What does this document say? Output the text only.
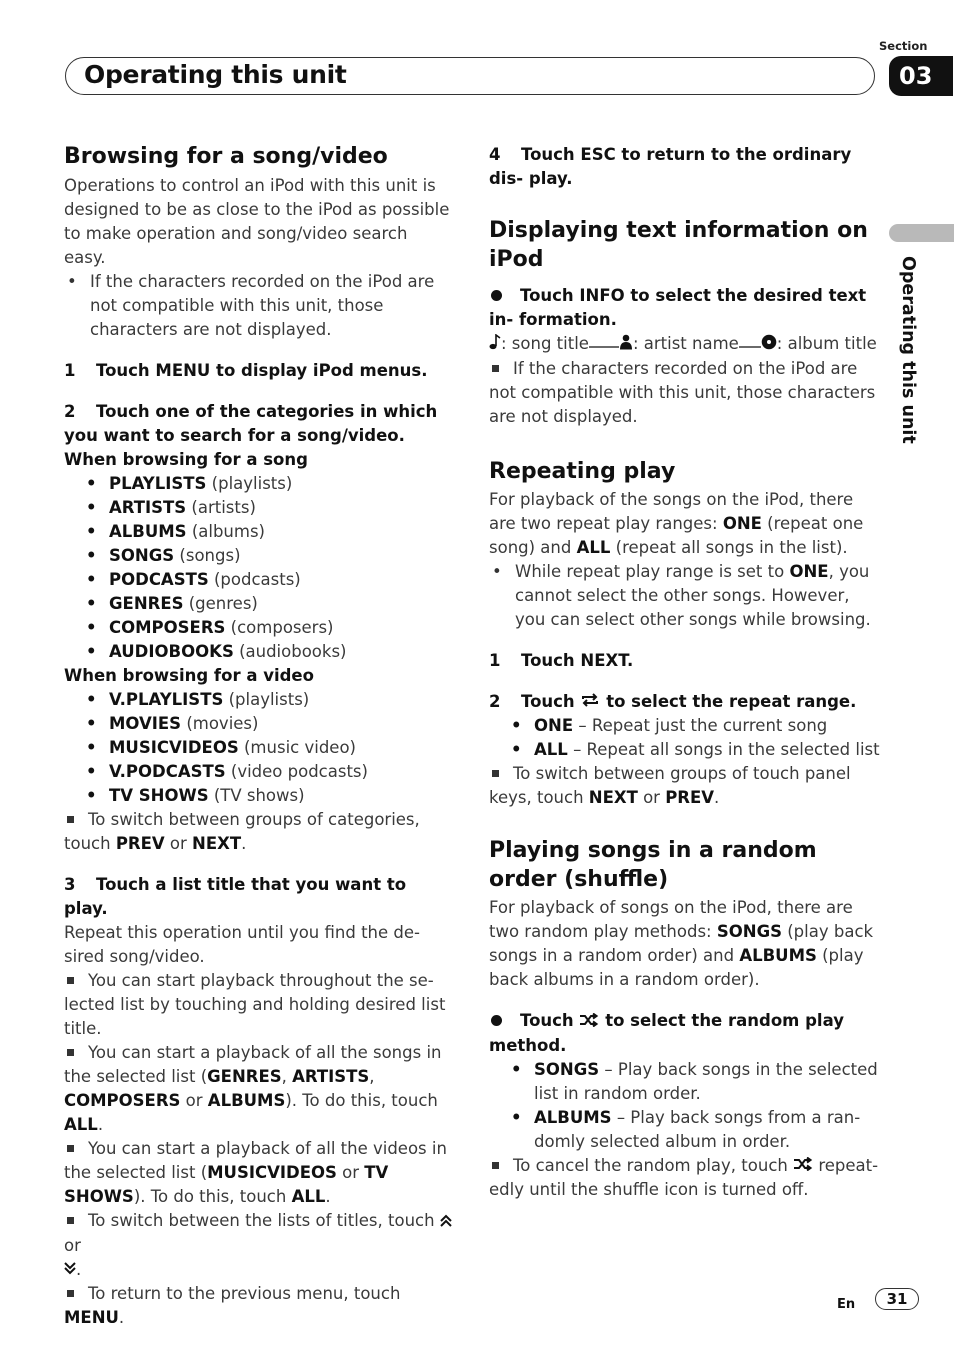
Operating this unit
Section
03
Operating this unit

Browsing for a song/video

Operations to control an iPod with this unit is designed to be as close to the iPod as possible to make operation and song/video search easy.

• If the characters recorded on the iPod are not compatible with this unit, those characters are not displayed.

1 Touch MENU to display iPod menus.

2 Touch one of the categories in which you want to search for a song/video.

When browsing for a song

• PLAYLISTS (playlists)

• ARTISTS (artists)

• ALBUMS (albums)

• SONGS (songs)

• PODCASTS (podcasts)

• GENRES (genres)

• COMPOSERS (composers)

• AUDIOBOOKS (audiobooks)

When browsing for a video

• V.PLAYLISTS (playlists)

• MOVIES (movies)

• MUSICVIDEOS (music video)

• V.PODCASTS (video podcasts)

• TV SHOWS (TV shows)

To switch between groups of categories, touch PREV or NEXT.

3 Touch a list title that you want to play.

Repeat this operation until you find the de- sired song/video.

You can start playback throughout the se- lected list by touching and holding desired list title.

You can start a playback of all the songs in the selected list (GENRES, ARTISTS, COMPOSERS or ALBUMS). To do this, touch ALL.

You can start a playback of all the videos in the selected list (MUSICVIDEOS or TV SHOWS). To do this, touch ALL.

To switch between the lists of titles, touch  or
.

To return to the previous menu, touch MENU.

4 Touch ESC to return to the ordinary dis- play.

Displaying text information on iPod

Touch INFO to select the desired text in- formation.

: song title	: artist name : album title

If the characters recorded on the iPod are not compatible with this unit, those characters are not displayed.

Repeating play

For playback of the songs on the iPod, there are two repeat play ranges: ONE (repeat one song) and ALL (repeat all songs in the list).

• While repeat play range is set to ONE, you cannot select the other songs. However, you can select other songs while browsing.

1 Touch NEXT.

2 Touch to select the repeat range.

• ONE – Repeat just the current song

• ALL – Repeat all songs in the selected list

To switch between groups of touch panel keys, touch NEXT or PREV.

Playing songs in a random order (shuffle)

For playback of songs on the iPod, there are two random play methods: SONGS (play back songs in a random order) and ALBUMS (play back albums in a random order).

Touch to select the random play method.

• SONGS – Play back songs in the selected list in random order.

• ALBUMS – Play back songs from a ran- domly selected album in order.

To cancel the random play, touch repeat- edly until the shuffle icon is turned off.

En	31
